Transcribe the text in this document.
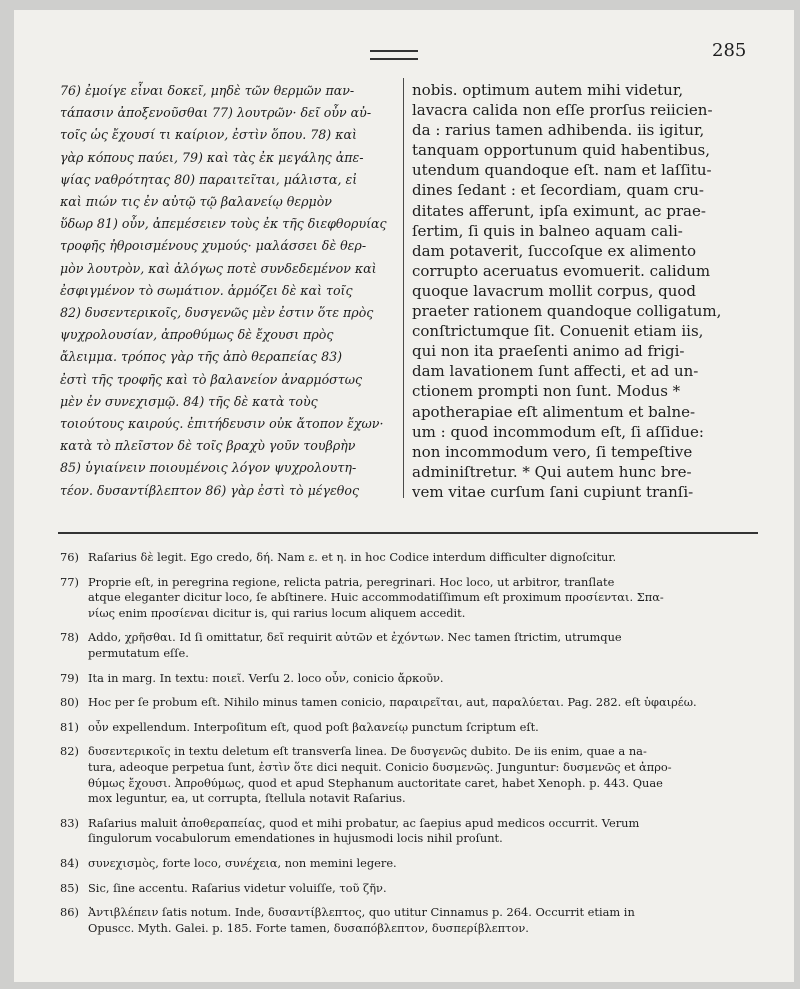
285
76) ἐμοίγε εἶναι δοκεῖ, μηδὲ τῶν θερμῶν παν-
τάπασιν ἀποξενοῦσθαι 77) λουτρῶν· δεῖ οὖν αὐ-
τοῖς ὡς ἔχουσί τι καίριον, ἐστὶν ὅπου. 78) καὶ
γὰρ κόπους παύει, 79) καὶ τὰς ἐκ μεγάλης ἀπε-
ψίας ναθρότητας 80) παραιτεῖται, μάλιστα, εἰ
καὶ πιών τις ἐν αὐτῷ τῷ βαλανείῳ θερμὸν
ὕδωρ 81) οὖν, ἀπεμέσειεν τοὺς ἐκ τῆς διεφθορυίας
τροφῆς ἠθροισμένους χυμούς· μαλάσσει δὲ θερ-
μὸν λουτρὸν, καὶ ἀλόγως ποτὲ συνδεδεμένον καὶ
ἐσφιγμένον τὸ σωμάτιον. ἁρμόζει δὲ καὶ τοῖς
82) δυσεντερικοῖς, δυσγενῶς μὲν ἐστιν ὅτε πρὸς
ψυχρολουσίαν, ἀπροθύμως δὲ ἔχουσι πρὸς
ἄλειμμα. τρόπος γὰρ τῆς ἀπὸ θεραπείας 83)
ἐστὶ τῆς τροφῆς καὶ τὸ βαλανείον ἀναρμόστως
μὲν ἐν συνεχισμῷ. 84) τῆς δὲ κατὰ τοὺς
τοιούτους καιρούς. ἐπιτήδευσιν οὐκ ἄτοπον ἔχων·
κατὰ τὸ πλεῖστον δὲ τοῖς βραχὺ γοῦν τουβρὴν
85) ὑγιαίνειν ποιουμένοις λόγον ψυχρολουτη-
τέον. δυσαντίβλεπτον 86) γὰρ ἐστὶ τὸ μέγεθος
nobis. optimum autem mihi videtur,
lavacra calida non eſſe prorſus reiicien-
da : rarius tamen adhibenda. iis igitur,
tanquam opportunum quid habentibus,
utendum quandoque eſt. nam et laſſitu-
dines ſedant : et ſecordiam, quam cru-
ditates afferunt, ipſa eximunt, ac prae-
ſertim, ſi quis in balneo aquam cali-
dam potaverit, ſuccoſque ex alimento
corrupto aceruatus evomuerit. calidum
quoque lavacrum mollit corpus, quod
praeter rationem quandoque colligatum,
conſtrictumque ſit. Conuenit etiam iis,
qui non ita praeſenti animo ad frigi-
dam lavationem ſunt affecti, et ad un-
ctionem prompti non ſunt. Modus *
apotherapiae eſt alimentum et balne-
um : quod incommodum eſt, ſi aſſidue:
non incommodum vero, ſi tempeſtive
adminiſtretur. * Qui autem hunc bre-
vem vitae curſum ſani cupiunt tranſi-
76) Raſarius δὲ legit. Ego credo, δή. Nam ε. et η. in hoc Codice interdum difficulter dignoſcitur.
77) Proprie eſt, in peregrina regione, relicta patria, peregrinari. Hoc loco, ut arbitror, tranſlate
atque eleganter dicitur loco, ſe abſtinere. Huic accommodatiſſimum eſt proximum προσίενται. Σπα-
νίως enim προσίεναι dicitur is, qui rarius locum aliquem accedit.
78) Addo, χρῆσθαι. Id ſi omittatur, δεῖ requirit αὐτῶν et ἐχόντων. Nec tamen ſtrictim, utrumque
permutatum eſſe.
79) Ita in marg. In textu: ποιεῖ. Verſu 2. loco οὖν, conicio ἄρκοῦν.
80) Hoc per ſe probum eſt. Nihilo minus tamen conicio, παραιρεῖται, aut, παραλύεται. Pag. 282. eſt ὑφαιρέω.
81) οὖν expellendum. Interpoſitum eſt, quod poſt βαλανείῳ punctum ſcriptum eſt.
82) δυσεντερικοῖς in textu deletum eſt transverſa linea. De δυσγενῶς dubito. De iis enim, quae a na-
tura, adeoque perpetua ſunt, ἐστὶν ὅτε dici nequit. Conicio δυσμενῶς. Junguntur: δυσμενῶς et ἀπρο-
θύμως ἔχουσι. Ἀπροθύμως, quod et apud Stephanum auctoritate caret, habet Xenoph. p. 443. Quae
mox leguntur, ea, ut corrupta, ſtellula notavit Raſarius.
83) Raſarius maluit ἀποθεραπείας, quod et mihi probatur, ac ſaepius apud medicos occurrit. Verum
ſingulorum vocabulorum emendationes in hujusmodi locis nihil proſunt.
84) συνεχισμὸς, forte loco, συνέχεια, non memini legere.
85) Sic, ſine accentu. Raſarius videtur voluiſſe, τοῦ ζῆν.
86) Ἀντιβλέπειν ſatis notum. Inde, δυσαντίβλεπτος, quo utitur Cinnamus p. 264. Occurrit etiam in
Opuscc. Myth. Galei. p. 185. Forte tamen, δυσαπόβλεπτον, δυσπερίβλεπτον.
